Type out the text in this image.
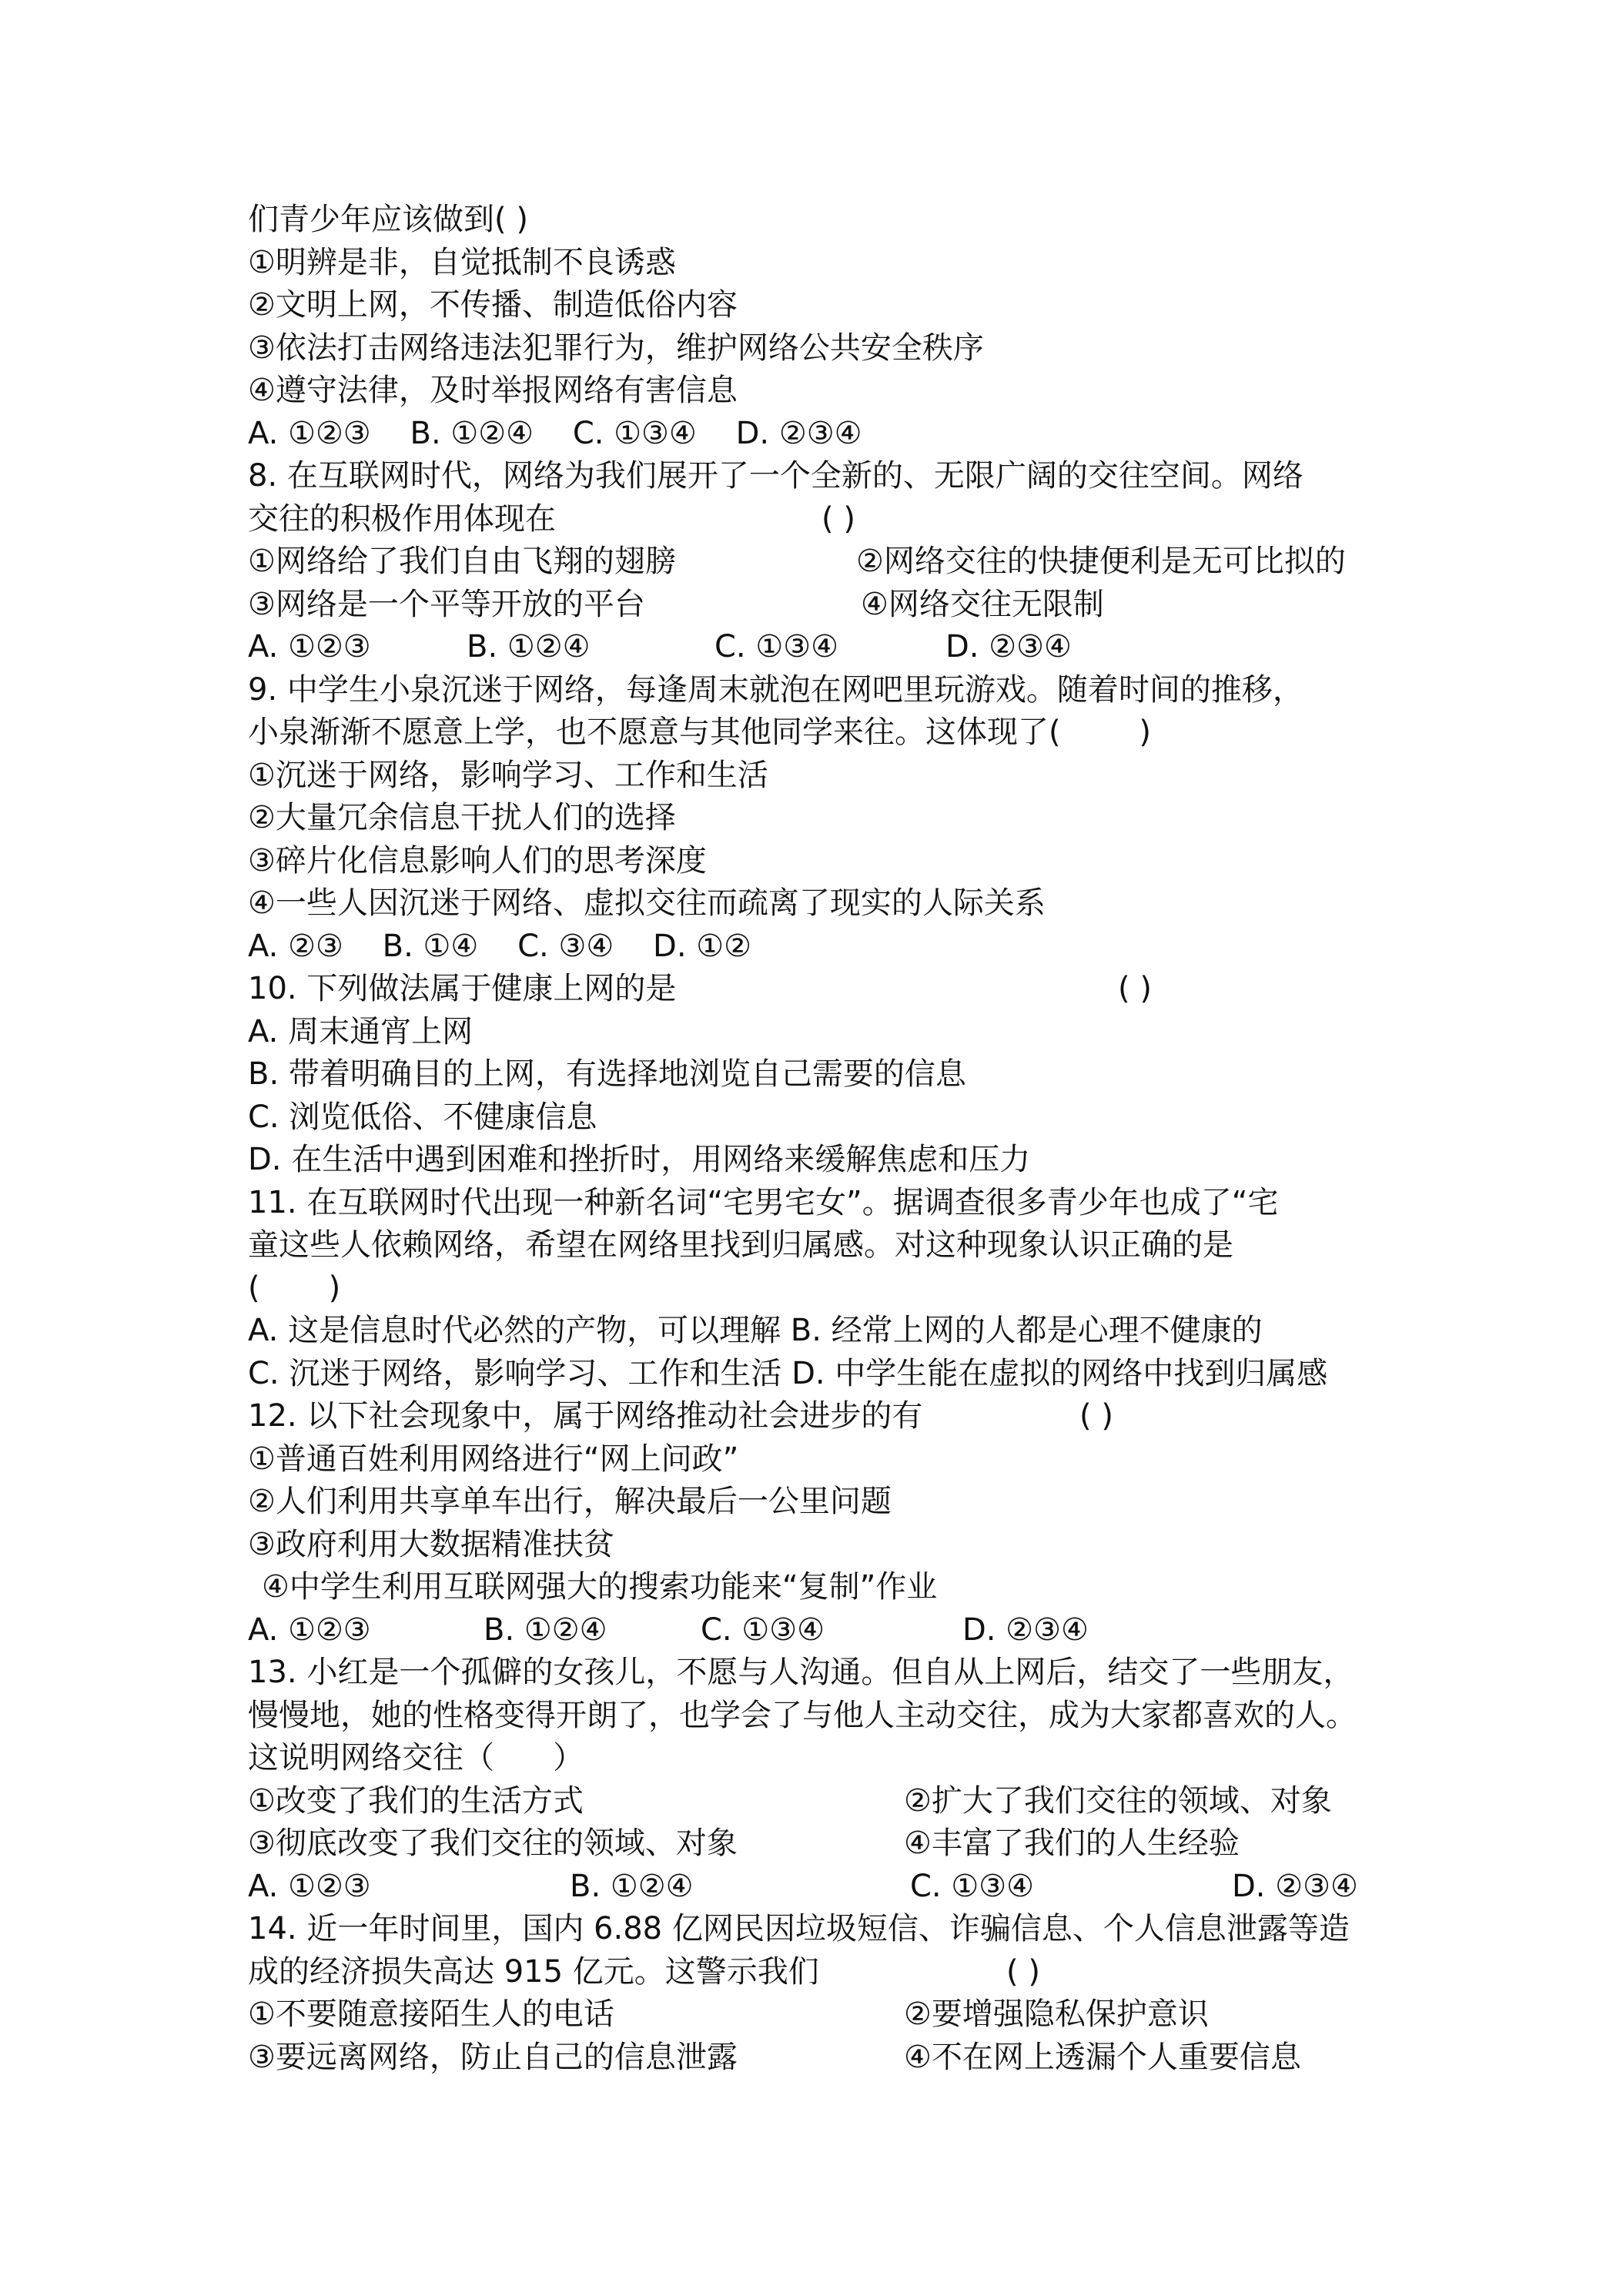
们青少年应该做到( )
①明辨是非，自觉抵制不良诱惑
②文明上网，不传播、制造低俗内容
③依法打击网络违法犯罪行为，维护网络公共安全秩序
④遵守法律，及时举报网络有害信息
A. ①②③    B. ①②④    C. ①③④    D. ②③④
8. 在互联网时代，网络为我们展开了一个全新的、无限广阔的交往空间。网络
交往的积极作用体现在	( )
①网络给了我们自由飞翔的翅膀	②网络交往的快捷便利是无可比拟的
③网络是一个平等开放的平台	④网络交往无限制
A. ①②③	B. ①②④	C. ①③④	D. ②③④
9. 中学生小泉沉迷于网络，每逢周末就泡在网吧里玩游戏。随着时间的推移，
小泉渐渐不愿意上学，也不愿意与其他同学来往。这体现了(        )
①沉迷于网络，影响学习、工作和生活
②大量冗余信息干扰人们的选择
③碎片化信息影响人们的思考深度
④一些人因沉迷于网络、虚拟交往而疏离了现实的人际关系
A. ②③    B. ①④    C. ③④    D. ①②
10. 下列做法属于健康上网的是	( )
A. 周末通宵上网
B. 带着明确目的上网，有选择地浏览自己需要的信息
C. 浏览低俗、不健康信息
D. 在生活中遇到困难和挫折时，用网络来缓解焦虑和压力
11. 在互联网时代出现一种新名词“宅男宅女”。据调查很多青少年也成了“宅
童这些人依赖网络，希望在网络里找到归属感。对这种现象认识正确的是
(       )
A. 这是信息时代必然的产物，可以理解 B. 经常上网的人都是心理不健康的
C. 沉迷于网络，影响学习、工作和生活 D. 中学生能在虚拟的网络中找到归属感
12. 以下社会现象中，属于网络推动社会进步的有	( )
①普通百姓利用网络进行“网上问政”
②人们利用共享单车出行，解决最后一公里问题
③政府利用大数据精准扶贫
④中学生利用互联网强大的搜索功能来“复制”作业
A. ①②③	B. ①②④	C. ①③④	D. ②③④
13. 小红是一个孤僻的女孩儿，不愿与人沟通。但自从上网后，结交了一些朋友，
慢慢地，她的性格变得开朗了，也学会了与他人主动交往，成为大家都喜欢的人。
这说明网络交往（      ）
①改变了我们的生活方式	②扩大了我们交往的领域、对象
③彻底改变了我们交往的领域、对象	④丰富了我们的人生经验
A. ①②③	B. ①②④	C. ①③④	D. ②③④
14. 近一年时间里，国内 6.88 亿网民因垃圾短信、诈骗信息、个人信息泄露等造
成的经济损失高达 915 亿元。这警示我们	( )
①不要随意接陌生人的电话	②要增强隐私保护意识
③要远离网络，防止自己的信息泄露	④不在网上透漏个人重要信息
